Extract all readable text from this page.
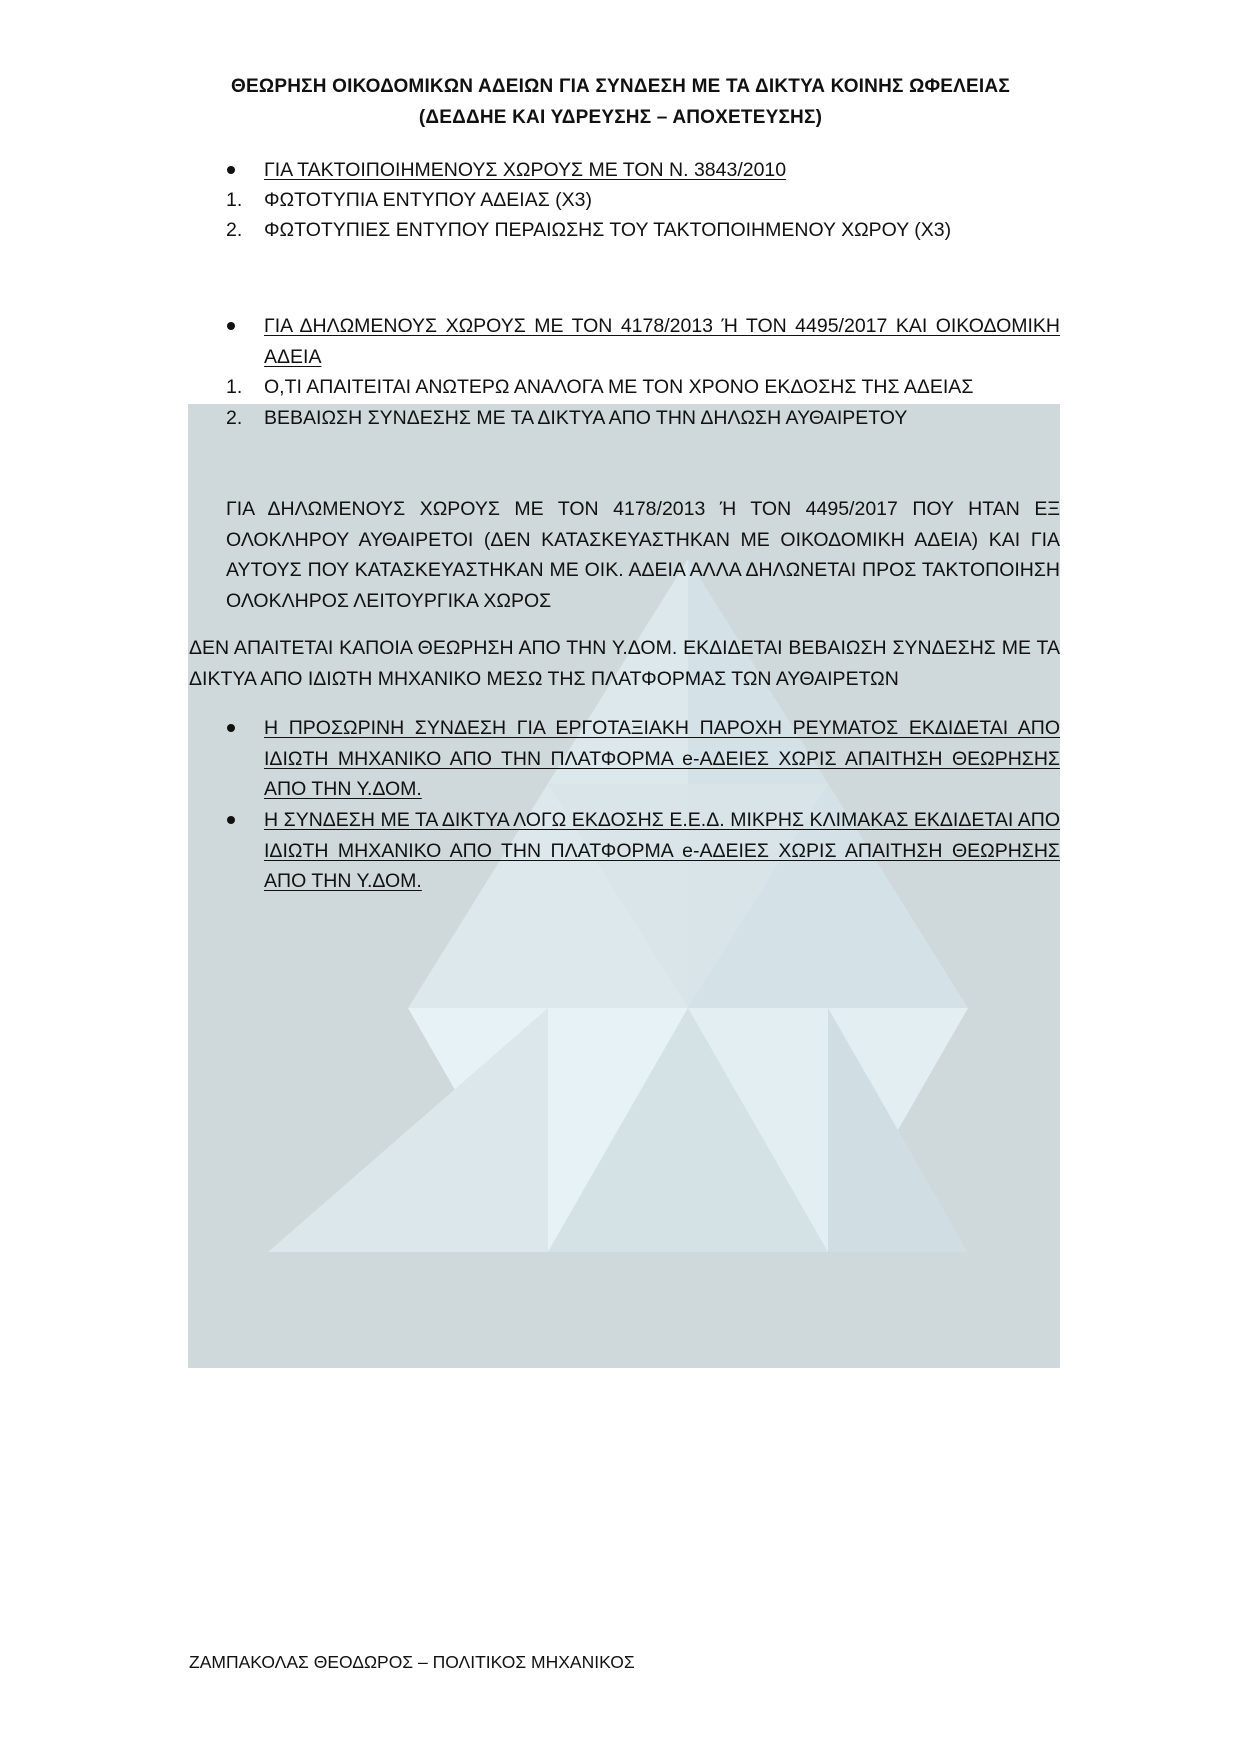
ΘΕΩΡΗΣΗ ΟΙΚΟΔΟΜΙΚΩΝ ΑΔΕΙΩΝ ΓΙΑ ΣΥΝΔΕΣΗ ΜΕ ΤΑ ΔΙΚΤΥΑ ΚΟΙΝΗΣ ΩΦΕΛΕΙΑΣ
(ΔΕΔΔΗΕ ΚΑΙ ΥΔΡΕΥΣΗΣ – ΑΠΟΧΕΤΕΥΣΗΣ)
ΓΙΑ ΤΑΚΤΟΙΠΟΙΗΜΕΝΟΥΣ ΧΩΡΟΥΣ ΜΕ ΤΟΝ Ν. 3843/2010
1. ΦΩΤΟΤΥΠΙΑ ΕΝΤΥΠΟΥ ΑΔΕΙΑΣ (Χ3)
2. ΦΩΤΟΤΥΠΙΕΣ ΕΝΤΥΠΟΥ ΠΕΡΑΙΩΣΗΣ ΤΟΥ ΤΑΚΤΟΠΟΙΗΜΕΝΟΥ ΧΩΡΟΥ (Χ3)
ΓΙΑ ΔΗΛΩΜΕΝΟΥΣ ΧΩΡΟΥΣ ΜΕ ΤΟΝ 4178/2013 Ή ΤΟΝ 4495/2017 ΚΑΙ ΟΙΚΟΔΟΜΙΚΗ
ΑΔΕΙΑ
1. Ο,ΤΙ ΑΠΑΙΤΕΙΤΑΙ ΑΝΩΤΕΡΩ ΑΝΑΛΟΓΑ ΜΕ ΤΟΝ ΧΡΟΝΟ ΕΚΔΟΣΗΣ ΤΗΣ ΑΔΕΙΑΣ
2. ΒΕΒΑΙΩΣΗ ΣΥΝΔΕΣΗΣ ΜΕ ΤΑ ΔΙΚΤΥΑ ΑΠΟ ΤΗΝ ΔΗΛΩΣΗ ΑΥΘΑΙΡΕΤΟΥ
ΓΙΑ ΔΗΛΩΜΕΝΟΥΣ ΧΩΡΟΥΣ ΜΕ ΤΟΝ 4178/2013 Ή ΤΟΝ 4495/2017 ΠΟΥ ΗΤΑΝ ΕΞ
ΟΛΟΚΛΗΡΟΥ ΑΥΘΑΙΡΕΤΟΙ (ΔΕΝ ΚΑΤΑΣΚΕΥΑΣΤΗΚΑΝ ΜΕ ΟΙΚΟΔΟΜΙΚΗ ΑΔΕΙΑ) ΚΑΙ ΓΙΑ
ΑΥΤΟΥΣ ΠΟΥ ΚΑΤΑΣΚΕΥΑΣΤΗΚΑΝ ΜΕ ΟΙΚ. ΑΔΕΙΑ ΑΛΛΑ ΔΗΛΩΝΕΤΑΙ ΠΡΟΣ ΤΑΚΤΟΠΟΙΗΣΗ
ΟΛΟΚΛΗΡΟΣ ΛΕΙΤΟΥΡΓΙΚΑ ΧΩΡΟΣ
ΔΕΝ ΑΠΑΙΤΕΤΑΙ ΚΑΠΟΙΑ ΘΕΩΡΗΣΗ ΑΠΟ ΤΗΝ Υ.ΔΟΜ. ΕΚΔΙΔΕΤΑΙ ΒΕΒΑΙΩΣΗ ΣΥΝΔΕΣΗΣ ΜΕ ΤΑ
ΔΙΚΤΥΑ ΑΠΟ ΙΔΙΩΤΗ ΜΗΧΑΝΙΚΟ ΜΕΣΩ ΤΗΣ ΠΛΑΤΦΟΡΜΑΣ ΤΩΝ ΑΥΘΑΙΡΕΤΩΝ
Η ΠΡΟΣΩΡΙΝΗ ΣΥΝΔΕΣΗ ΓΙΑ ΕΡΓΟΤΑΞΙΑΚΗ ΠΑΡΟΧΗ ΡΕΥΜΑΤΟΣ ΕΚΔΙΔΕΤΑΙ ΑΠΟ
ΙΔΙΩΤΗ ΜΗΧΑΝΙΚΟ ΑΠΟ ΤΗΝ ΠΛΑΤΦΟΡΜΑ e-ΑΔΕΙΕΣ ΧΩΡΙΣ ΑΠΑΙΤΗΣΗ ΘΕΩΡΗΣΗΣ
ΑΠΟ ΤΗΝ Υ.ΔΟΜ.
Η ΣΥΝΔΕΣΗ ΜΕ ΤΑ ΔΙΚΤΥΑ ΛΟΓΩ ΕΚΔΟΣΗΣ Ε.Ε.Δ. ΜΙΚΡΗΣ ΚΛΙΜΑΚΑΣ ΕΚΔΙΔΕΤΑΙ ΑΠΟ
ΙΔΙΩΤΗ ΜΗΧΑΝΙΚΟ ΑΠΟ ΤΗΝ ΠΛΑΤΦΟΡΜΑ e-ΑΔΕΙΕΣ ΧΩΡΙΣ ΑΠΑΙΤΗΣΗ ΘΕΩΡΗΣΗΣ
ΑΠΟ ΤΗΝ Υ.ΔΟΜ.
ΖΑΜΠΑΚΟΛΑΣ ΘΕΟΔΩΡΟΣ – ΠΟΛΙΤΙΚΟΣ ΜΗΧΑΝΙΚΟΣ
